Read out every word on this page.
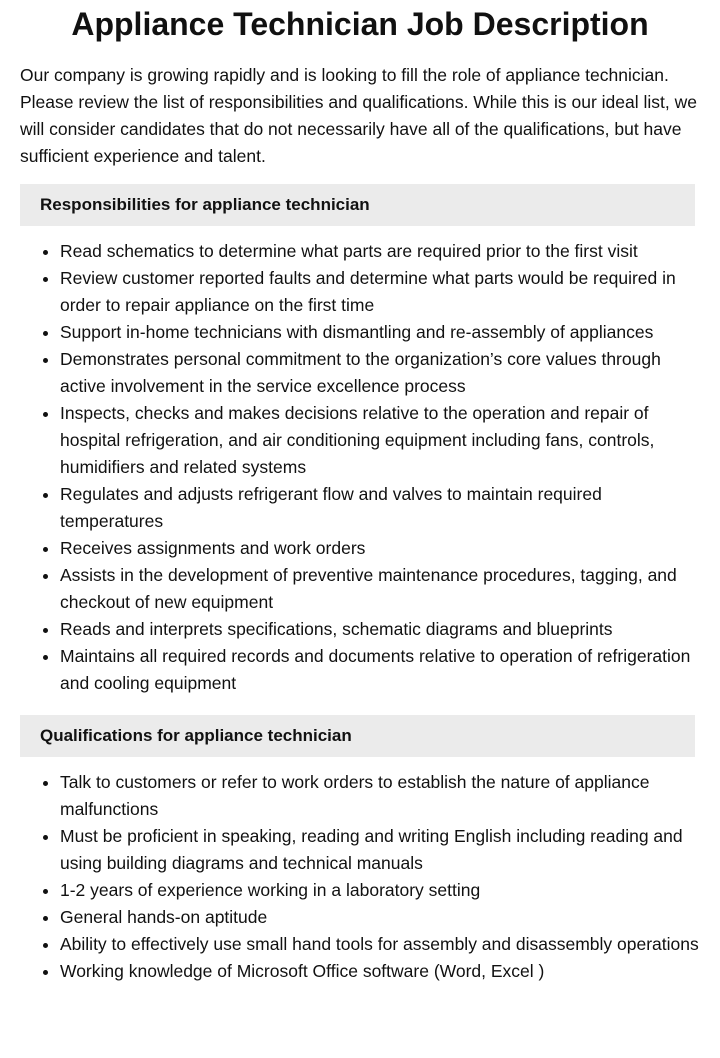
Appliance Technician Job Description

Our company is growing rapidly and is looking to fill the role of appliance technician. Please review the list of responsibilities and qualifications. While this is our ideal list, we will consider candidates that do not necessarily have all of the qualifications, but have sufficient experience and talent.

Responsibilities for appliance technician
• Read schematics to determine what parts are required prior to the first visit
• Review customer reported faults and determine what parts would be required in order to repair appliance on the first time
• Support in-home technicians with dismantling and re-assembly of appliances
• Demonstrates personal commitment to the organization’s core values through active involvement in the service excellence process
• Inspects, checks and makes decisions relative to the operation and repair of hospital refrigeration, and air conditioning equipment including fans, controls, humidifiers and related systems
• Regulates and adjusts refrigerant flow and valves to maintain required temperatures
• Receives assignments and work orders
• Assists in the development of preventive maintenance procedures, tagging, and checkout of new equipment
• Reads and interprets specifications, schematic diagrams and blueprints
• Maintains all required records and documents relative to operation of refrigeration and cooling equipment
Qualifications for appliance technician
• Talk to customers or refer to work orders to establish the nature of appliance malfunctions
• Must be proficient in speaking, reading and writing English including reading and using building diagrams and technical manuals
• 1-2 years of experience working in a laboratory setting
• General hands-on aptitude
• Ability to effectively use small hand tools for assembly and disassembly operations
• Working knowledge of Microsoft Office software (Word, Excel )
